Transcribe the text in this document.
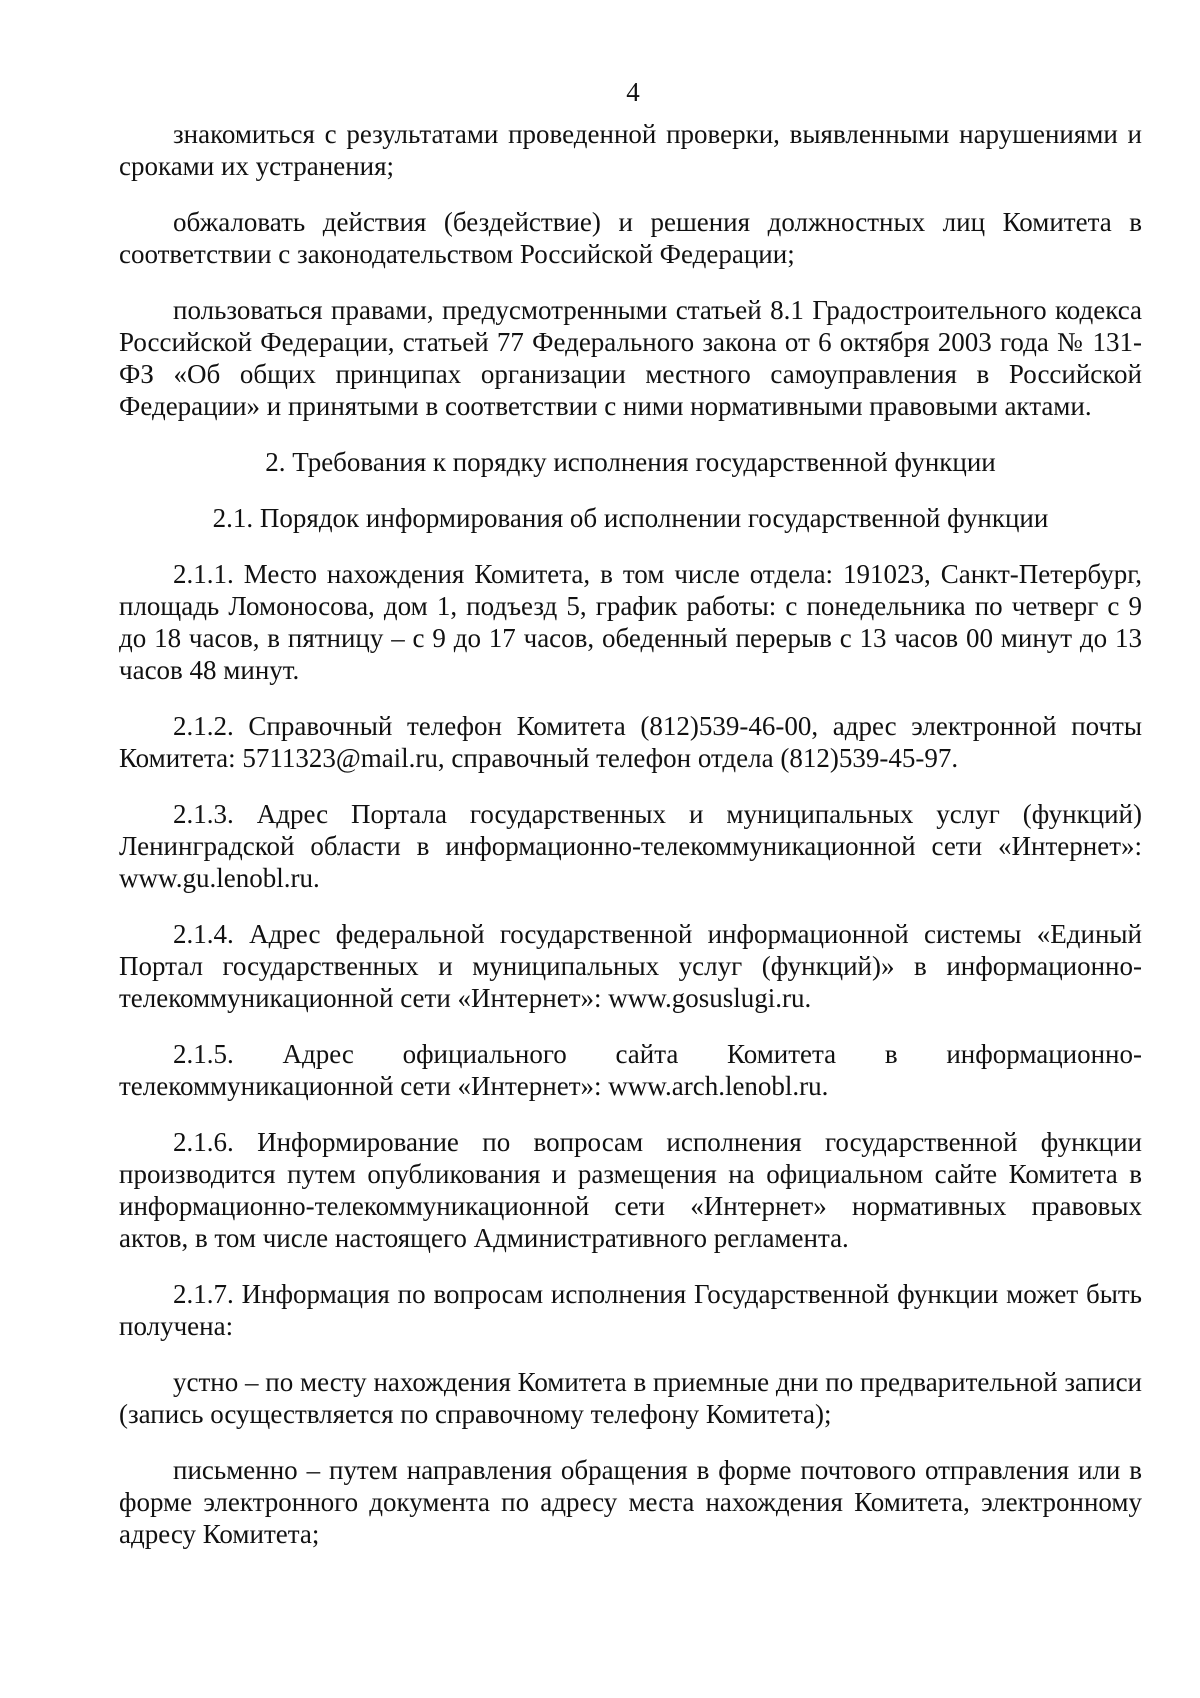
4

знакомиться с результатами проведенной проверки, выявленными нарушениями и сроками их устранения;

обжаловать действия (бездействие) и решения должностных лиц Комитета в соответствии с законодательством Российской Федерации;

пользоваться правами, предусмотренными статьей 8.1 Градостроительного кодекса Российской Федерации, статьей 77 Федерального закона от 6 октября 2003 года № 131-ФЗ «Об общих принципах организации местного самоуправления в Российской Федерации» и принятыми в соответствии с ними нормативными правовыми актами.

2. Требования к порядку исполнения государственной функции

2.1. Порядок информирования об исполнении государственной функции

2.1.1. Место нахождения Комитета, в том числе отдела: 191023, Санкт-Петербург, площадь Ломоносова, дом 1, подъезд 5, график работы: с понедельника по четверг с 9 до 18 часов, в пятницу – с 9 до 17 часов, обеденный перерыв с 13 часов 00 минут до 13 часов 48 минут.

2.1.2. Справочный телефон Комитета (812)539-46-00, адрес электронной почты Комитета: 5711323@mail.ru, справочный телефон отдела (812)539-45-97.

2.1.3. Адрес Портала государственных и муниципальных услуг (функций) Ленинградской области в информационно-телекоммуникационной сети «Интернет»: www.gu.lenobl.ru.

2.1.4. Адрес федеральной государственной информационной системы «Единый Портал государственных и муниципальных услуг (функций)» в информационно-телекоммуникационной сети «Интернет»: www.gosuslugi.ru.

2.1.5. Адрес официального сайта Комитета в информационно-телекоммуникационной сети «Интернет»: www.arch.lenobl.ru.

2.1.6. Информирование по вопросам исполнения государственной функции производится путем опубликования и размещения на официальном сайте Комитета в информационно-телекоммуникационной сети «Интернет» нормативных правовых актов, в том числе настоящего Административного регламента.

2.1.7. Информация по вопросам исполнения Государственной функции может быть получена:

устно – по месту нахождения Комитета в приемные дни по предварительной записи (запись осуществляется по справочному телефону Комитета);

письменно – путем направления обращения в форме почтового отправления или в форме электронного документа по адресу места нахождения Комитета, электронному адресу Комитета;
